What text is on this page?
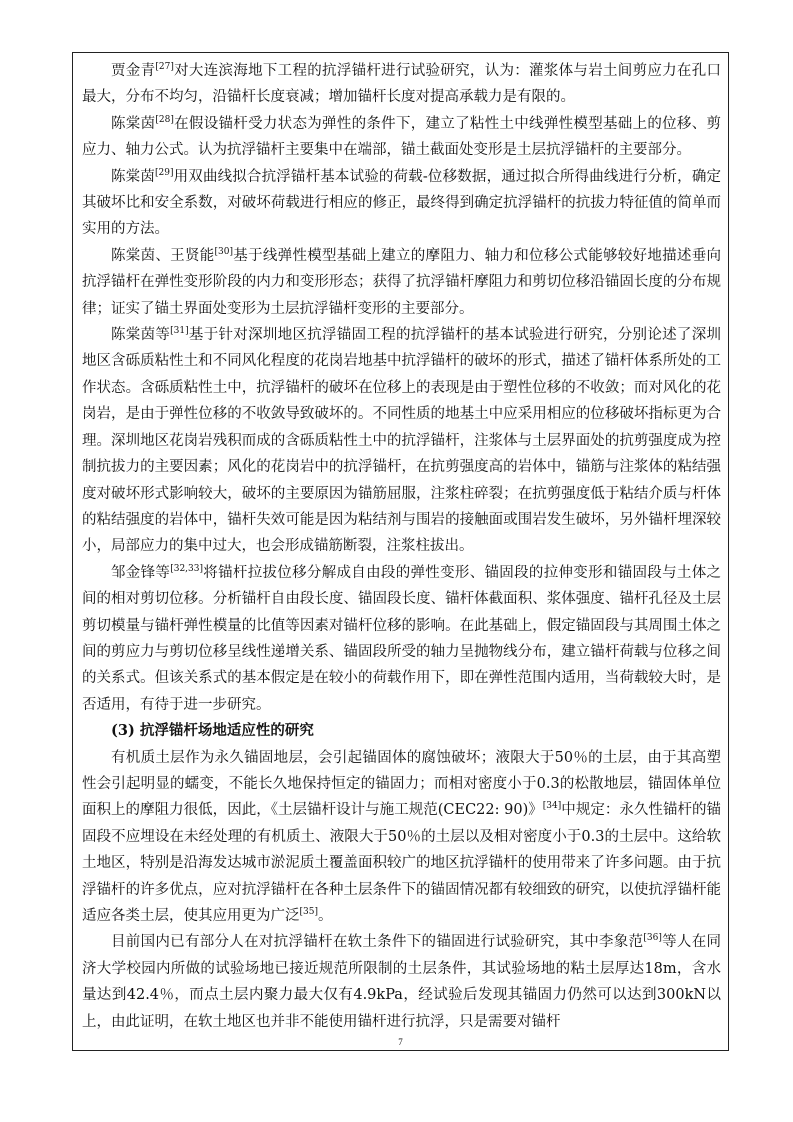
贾金青[27]对大连滨海地下工程的抗浮锚杆进行试验研究，认为：灌浆体与岩土间剪应力在孔口最大，分布不均匀，沿锚杆长度衰减；增加锚杆长度对提高承载力是有限的。

陈棠茵[28]在假设锚杆受力状态为弹性的条件下，建立了粘性土中线弹性模型基础上的位移、剪应力、轴力公式。认为抗浮锚杆主要集中在端部，锚土截面处变形是土层抗浮锚杆的主要部分。

陈棠茵[29]用双曲线拟合抗浮锚杆基本试验的荷载-位移数据，通过拟合所得曲线进行分析，确定其破坏比和安全系数，对破坏荷载进行相应的修正，最终得到确定抗浮锚杆的抗拔力特征值的简单而实用的方法。

陈棠茵、王贤能[30]基于线弹性模型基础上建立的摩阻力、轴力和位移公式能够较好地描述垂向抗浮锚杆在弹性变形阶段的内力和变形形态；获得了抗浮锚杆摩阻力和剪切位移沿锚固长度的分布规律；证实了锚土界面处变形为土层抗浮锚杆变形的主要部分。

陈棠茵等[31]基于针对深圳地区抗浮锚固工程的抗浮锚杆的基本试验进行研究，分别论述了深圳地区含砾质粘性土和不同风化程度的花岗岩地基中抗浮锚杆的破坏的形式，描述了锚杆体系所处的工作状态。含砾质粘性土中，抗浮锚杆的破坏在位移上的表现是由于塑性位移的不收敛；而对风化的花岗岩，是由于弹性位移的不收敛导致破坏的。不同性质的地基土中应采用相应的位移破坏指标更为合理。深圳地区花岗岩残积而成的含砾质粘性土中的抗浮锚杆，注浆体与土层界面处的抗剪强度成为控制抗拔力的主要因素；风化的花岗岩中的抗浮锚杆，在抗剪强度高的岩体中，锚筋与注浆体的粘结强度对破坏形式影响较大，破坏的主要原因为锚筋屈服，注浆柱碎裂；在抗剪强度低于粘结介质与杆体的粘结强度的岩体中，锚杆失效可能是因为粘结剂与围岩的接触面或围岩发生破坏，另外锚杆埋深较小，局部应力的集中过大，也会形成锚筋断裂，注浆柱拔出。

邹金锋等[32,33]将锚杆拉拔位移分解成自由段的弹性变形、锚固段的拉伸变形和锚固段与土体之间的相对剪切位移。分析锚杆自由段长度、锚固段长度、锚杆体截面积、浆体强度、锚杆孔径及土层剪切模量与锚杆弹性模量的比值等因素对锚杆位移的影响。在此基础上，假定锚固段与其周围土体之间的剪应力与剪切位移呈线性递增关系、锚固段所受的轴力呈抛物线分布，建立锚杆荷载与位移之间的关系式。但该关系式的基本假定是在较小的荷载作用下，即在弹性范围内适用，当荷载较大时，是否适用，有待于进一步研究。

(3) 抗浮锚杆场地适应性的研究

有机质土层作为永久锚固地层，会引起锚固体的腐蚀破坏；液限大于50％的土层，由于其高塑性会引起明显的蠕变，不能长久地保持恒定的锚固力；而相对密度小于0.3的松散地层，锚固体单位面积上的摩阻力很低，因此，《土层锚杆设计与施工规范(CEC22: 90)》[34]中规定：永久性锚杆的锚固段不应埋设在未经处理的有机质土、液限大于50％的土层以及相对密度小于0.3的土层中。这给软土地区，特别是沿海发达城市淤泥质土覆盖面积较广的地区抗浮锚杆的使用带来了许多问题。由于抗浮锚杆的许多优点，应对抗浮锚杆在各种土层条件下的锚固情况都有较细致的研究，以使抗浮锚杆能适应各类土层，使其应用更为广泛[35]。

目前国内已有部分人在对抗浮锚杆在软土条件下的锚固进行试验研究，其中李象范[36]等人在同济大学校园内所做的试验场地已接近规范所限制的土层条件，其试验场地的粘土层厚达18m，含水量达到42.4％，而点土层内聚力最大仅有4.9kPa，经试验后发现其锚固力仍然可以达到300kN以上，由此证明，在软土地区也并非不能使用锚杆进行抗浮，只是需要对锚杆

7
